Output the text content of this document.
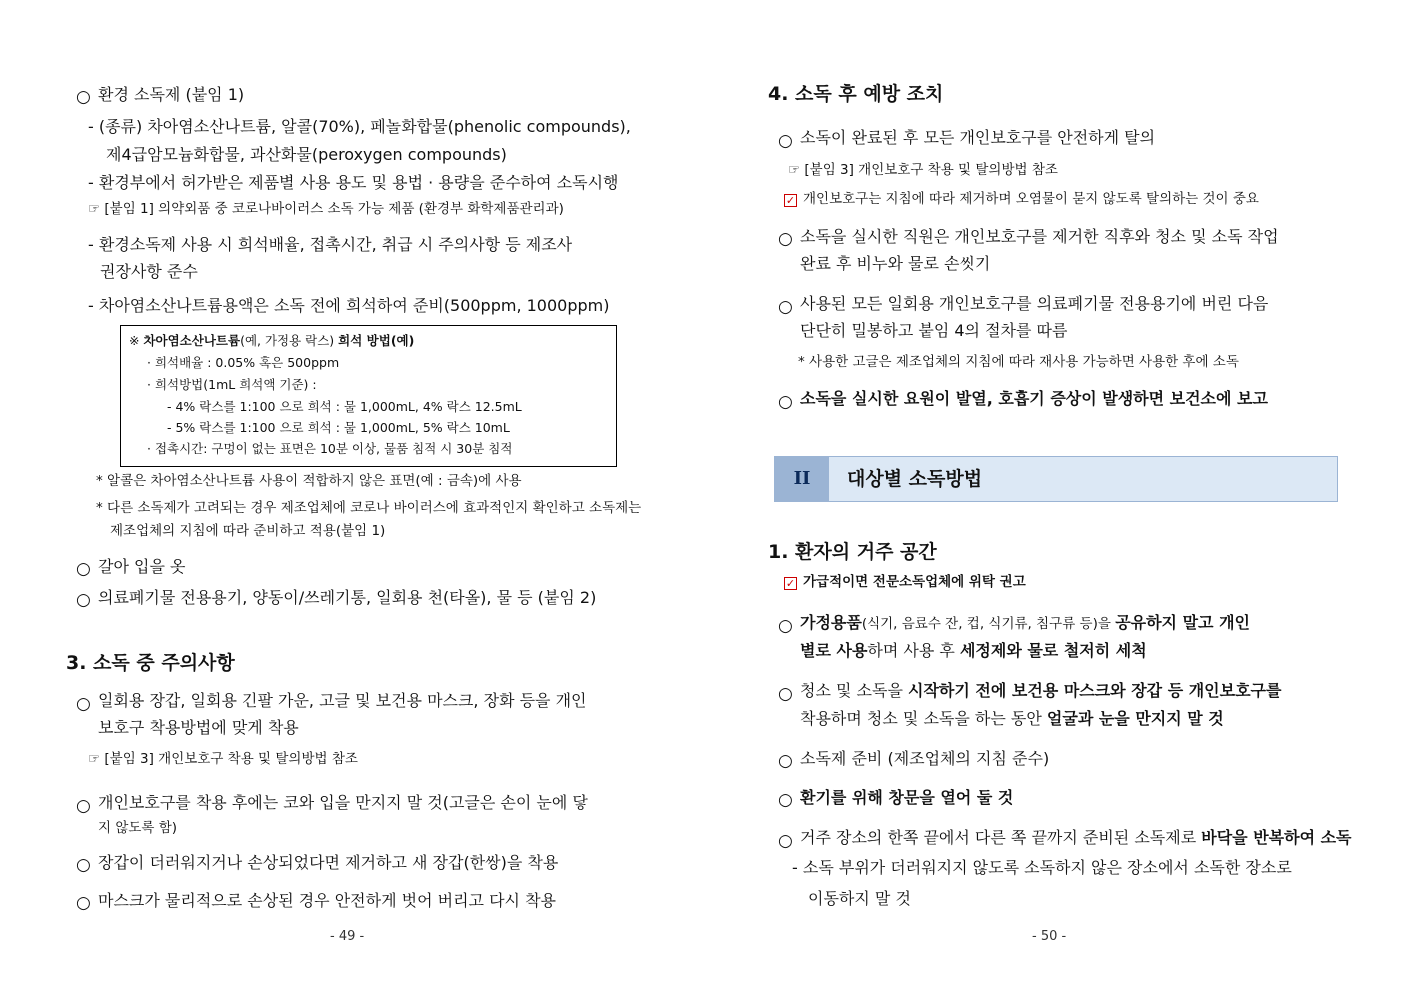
○ 환경 소독제 (붙임 1)
- (종류) 차아염소산나트륨, 알콜(70%), 페놀화합물(phenolic compounds),
제4급암모늄화합물, 과산화물(peroxygen compounds)
- 환경부에서 허가받은 제품별 사용 용도 및 용법 · 용량을 준수하여 소독시행
☞ [붙임 1] 의약외품 중 코로나바이러스 소독 가능 제품 (환경부 화학제품관리과)
- 환경소독제 사용 시 희석배율, 접촉시간, 취급 시 주의사항 등 제조사
권장사항 준수
- 차아염소산나트륨용액은 소독 전에 희석하여 준비(500ppm, 1000ppm)
※ 차아염소산나트륨(예, 가정용 락스) 희석 방법(예)
· 희석배율 : 0.05% 혹은 500ppm
· 희석방법(1mL 희석액 기준) :
- 4% 락스를 1:100 으로 희석 : 물 1,000mL, 4% 락스 12.5mL
- 5% 락스를 1:100 으로 희석 : 물 1,000mL, 5% 락스 10mL
· 접촉시간: 구멍이 없는 표면은 10분 이상, 물품 침적 시 30분 침적
* 알콜은 차아염소산나트륨 사용이 적합하지 않은 표면(예 : 금속)에 사용
* 다른 소독제가 고려되는 경우 제조업체에 코로나 바이러스에 효과적인지 확인하고 소독제는
제조업체의 지침에 따라 준비하고 적용(붙임 1)
○ 갈아 입을 옷
○ 의료폐기물 전용용기, 양동이/쓰레기통, 일회용 천(타올), 물 등 (붙임 2)
3. 소독 중 주의사항
○ 일회용 장갑, 일회용 긴팔 가운, 고글 및 보건용 마스크, 장화 등을 개인
보호구 착용방법에 맞게 착용
☞ [붙임 3] 개인보호구 착용 및 탈의방법 참조
○ 개인보호구를 착용 후에는 코와 입을 만지지 말 것(고글은 손이 눈에 닿
지 않도록 함)
○ 장갑이 더러워지거나 손상되었다면 제거하고 새 장갑(한쌍)을 착용
○ 마스크가 물리적으로 손상된 경우 안전하게 벗어 버리고 다시 착용
- 49 -
4. 소독 후 예방 조치
○ 소독이 완료된 후 모든 개인보호구를 안전하게 탈의
☞ [붙임 3] 개인보호구 착용 및 탈의방법 참조
✓ 개인보호구는 지침에 따라 제거하며 오염물이 묻지 않도록 탈의하는 것이 중요
○ 소독을 실시한 직원은 개인보호구를 제거한 직후와 청소 및 소독 작업
완료 후 비누와 물로 손씻기
○ 사용된 모든 일회용 개인보호구를 의료폐기물 전용용기에 버린 다음
단단히 밀봉하고 붙임 4의 절차를 따름
* 사용한 고글은 제조업체의 지침에 따라 재사용 가능하면 사용한 후에 소독
○ 소독을 실시한 요원이 발열, 호흡기 증상이 발생하면 보건소에 보고
II	대상별 소독방법
1. 환자의 거주 공간
✓ 가급적이면 전문소독업체에 위탁 권고
○ 가정용품(식기, 음료수 잔, 컵, 식기류, 침구류 등)을 공유하지 말고 개인
별로 사용하며 사용 후 세정제와 물로 철저히 세척
○ 청소 및 소독을 시작하기 전에 보건용 마스크와 장갑 등 개인보호구를
착용하며 청소 및 소독을 하는 동안 얼굴과 눈을 만지지 말 것
○ 소독제 준비 (제조업체의 지침 준수)
○ 환기를 위해 창문을 열어 둘 것
○ 거주 장소의 한쪽 끝에서 다른 쪽 끝까지 준비된 소독제로 바닥을 반복하여 소독
- 소독 부위가 더러워지지 않도록 소독하지 않은 장소에서 소독한 장소로
이동하지 말 것
- 50 -
